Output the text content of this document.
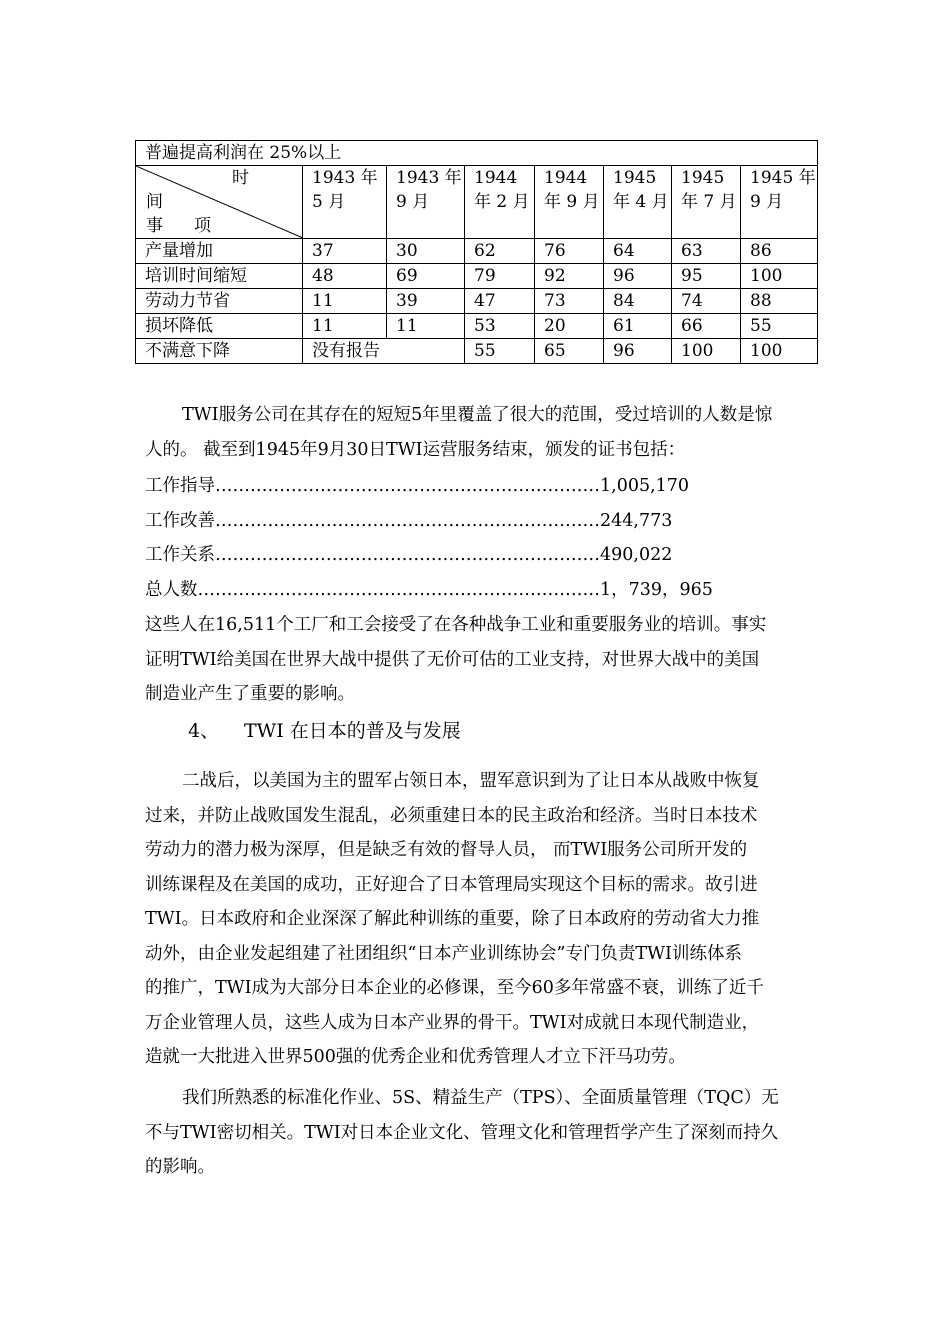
普遍提高利润在 25%以上							

时
间
事 项	1943 年 5 月	1943 年 9 月	1944 年 2 月	1944 年 9 月	1945 年 4 月	1945 年 7 月	1945 年 9 月
产量增加	37	30	62	76	64	63	86
培训时间缩短	48	69	79	92	96	95	100
劳动力节省	11	39	47	73	84	74	88
损坏降低	11	11	53	20	61	66	55
不满意下降	没有报告		55	65	96	100	100
TWI服务公司在其存在的短短5年里覆盖了很大的范围，受过培训的人数是惊
人的。 截至到1945年9月30日TWI运营服务结束，颁发的证书包括：
工作指导…………………………………………………………1,005,170
工作改善…………………………………………………………244,773
工作关系…………………………………………………………490,022
总人数……………………………………………………………1，739，965
这些人在16,511个工厂和工会接受了在各种战争工业和重要服务业的培训。事实
证明TWI给美国在世界大战中提供了无价可估的工业支持，对世界大战中的美国
制造业产生了重要的影响。
4、 TWI 在日本的普及与发展
二战后，以美国为主的盟军占领日本，盟军意识到为了让日本从战败中恢复
过来，并防止战败国发生混乱，必须重建日本的民主政治和经济。当时日本技术
劳动力的潜力极为深厚，但是缺乏有效的督导人员， 而TWI服务公司所开发的
训练课程及在美国的成功，正好迎合了日本管理局实现这个目标的需求。故引进
TWI。日本政府和企业深深了解此种训练的重要，除了日本政府的劳动省大力推
动外，由企业发起组建了社团组织“日本产业训练协会”专门负责TWI训练体系
的推广，TWI成为大部分日本企业的必修课，至今60多年常盛不衰，训练了近千
万企业管理人员，这些人成为日本产业界的骨干。TWI对成就日本现代制造业，
造就一大批进入世界500强的优秀企业和优秀管理人才立下汗马功劳。
我们所熟悉的标准化作业、5S、精益生产（TPS）、全面质量管理（TQC）无
不与TWI密切相关。TWI对日本企业文化、管理文化和管理哲学产生了深刻而持久
的影响。
